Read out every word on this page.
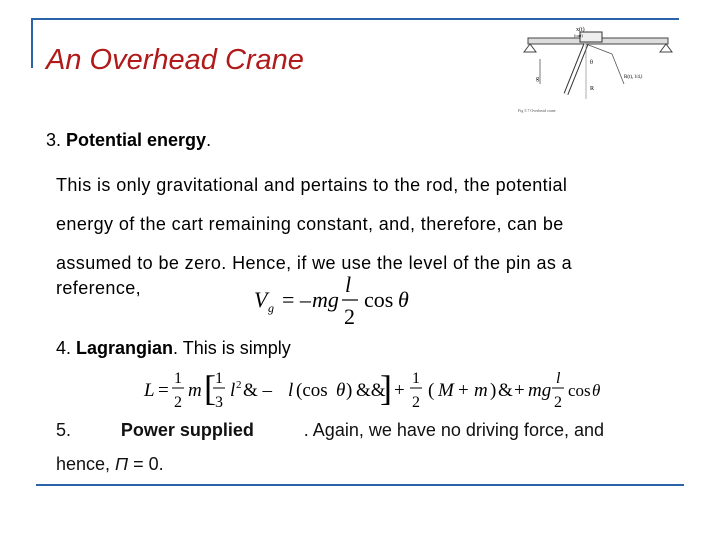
An Overhead Crane
x(t)
(cart)
g
R
θ
R(t), l/4,l
Fig 5.7 Overhead crane
3. Potential energy.
This is only gravitational and pertains to the rod, the potential energy of the cart remaining constant, and, therefore, can be assumed to be zero. Hence, if we use the level of the pin as a
reference,	V g = – mg
l
2
cos θ
4. Lagrangian. This is simply
L =
1
2
m [ 1
3
l 2 & – l (cos θ ) &&
] +
1
2
( M + m ) & + mg
l
2
cos θ
5.	Power supplied	. Again, we have no driving force, and
hence, Π = 0.
